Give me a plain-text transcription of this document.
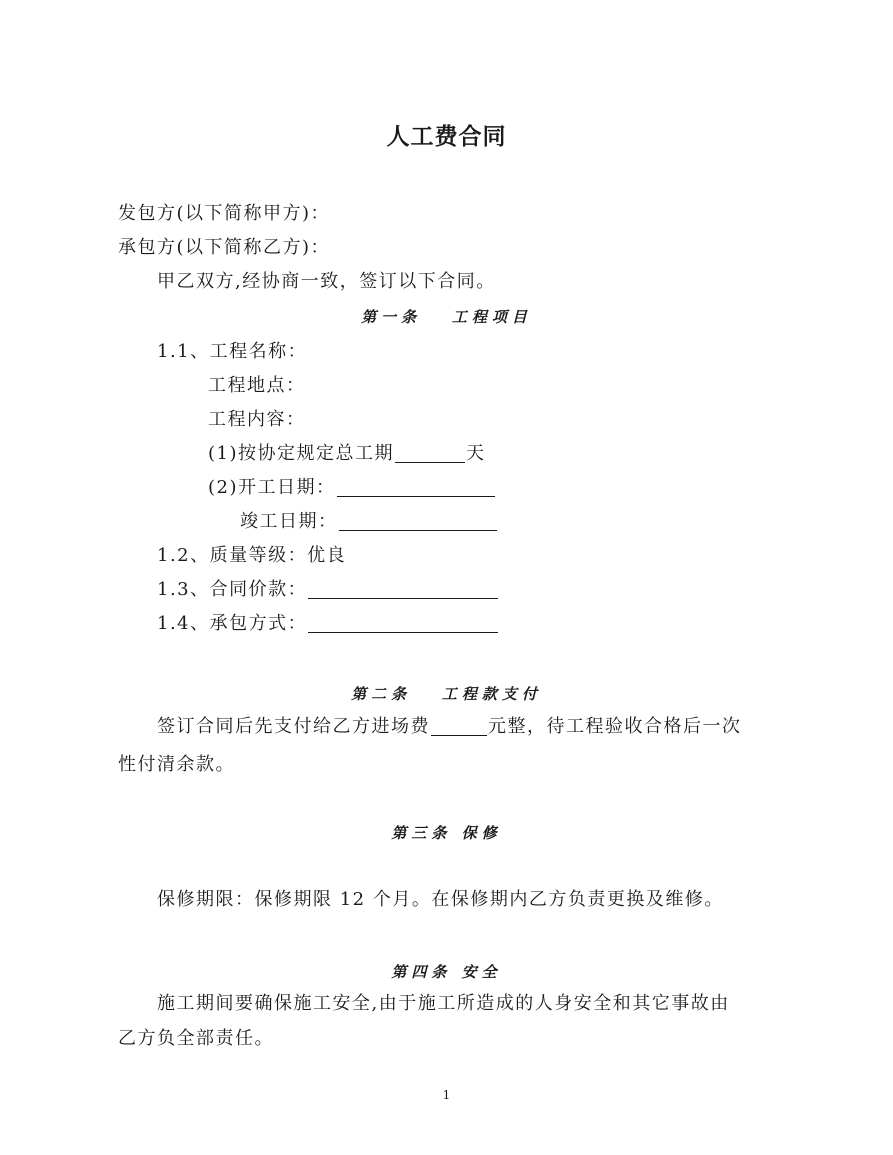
人工费合同

发包方(以下简称甲方)：

承包方(以下简称乙方)：

甲乙双方,经协商一致，签订以下合同。

第一条   工程项目

1.1、工程名称：

工程地点：

工程内容：

(1)按协定规定总工期	天

(2)开工日期：

竣工日期：

1.2、质量等级：优良

1.3、合同价款：

1.4、承包方式：

第二条   工程款支付

签订合同后先支付给乙方进场费	元整，待工程验收合格后一次

性付清余款。

第三条 保修

保修期限：保修期限 12 个月。在保修期内乙方负责更换及维修。

第四条 安全

施工期间要确保施工安全,由于施工所造成的人身安全和其它事故由

乙方负全部责任。

1
